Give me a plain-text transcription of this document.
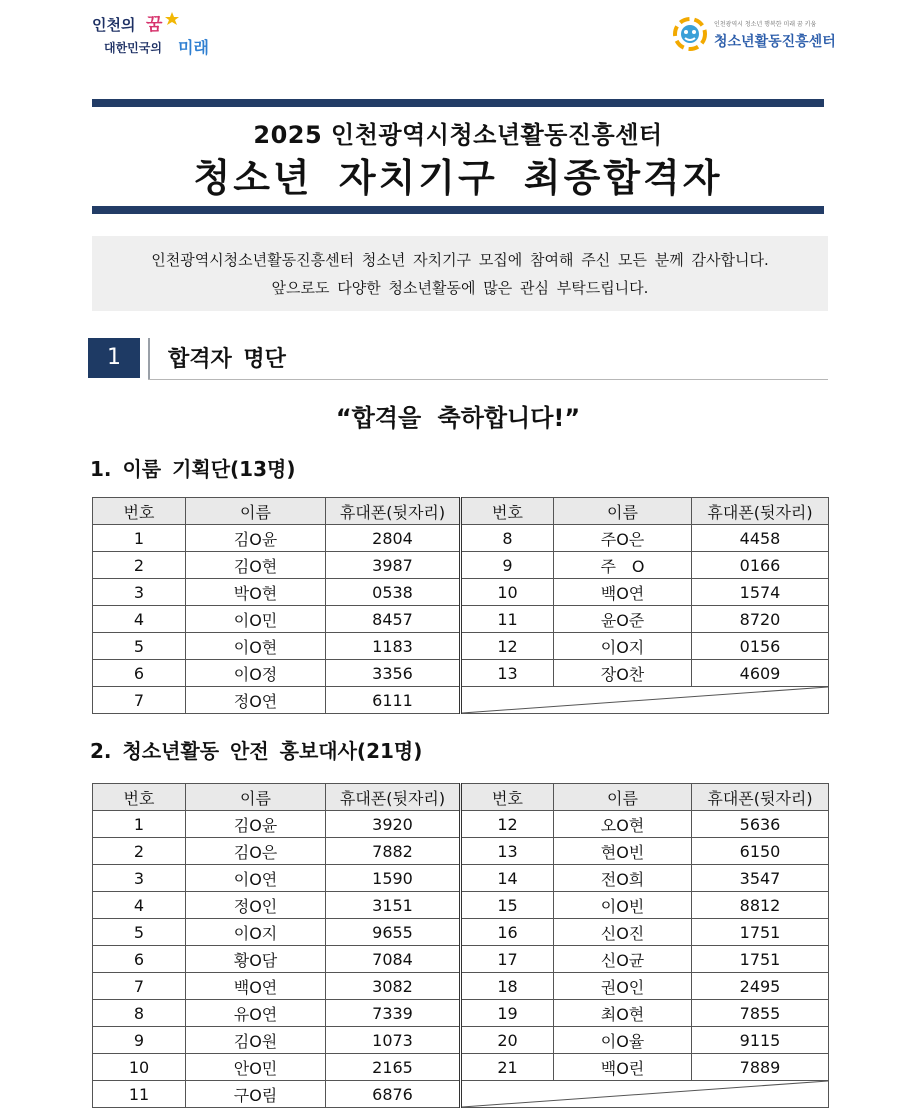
인천의 꿈
대한민국의 미래
인천광역시 청소년 행복한 미래 꿈 키움
청소년활동진흥센터
2025 인천광역시청소년활동진흥센터
청소년 자치기구 최종합격자
인천광역시청소년활동진흥센터 청소년 자치기구 모집에 참여해 주신 모든 분께 감사합니다.
앞으로도 다양한 청소년활동에 많은 관심 부탁드립니다.
1	합격자 명단
“합격을 축하합니다!”
1. 이룸 기획단(13명)
번호	이름	휴대폰(뒷자리)	번호	이름	휴대폰(뒷자리)
1	김O윤	2804	8	주O은	4458
2	김O현	3987	9	주　O	0166
3	박O현	0538	10	백O연	1574
4	이O민	8457	11	윤O준	8720
5	이O현	1183	12	이O지	0156
6	이O정	3356	13	장O찬	4609
7	정O연	6111	
2. 청소년활동 안전 홍보대사(21명)
번호	이름	휴대폰(뒷자리)	번호	이름	휴대폰(뒷자리)
1	김O윤	3920	12	오O현	5636
2	김O은	7882	13	현O빈	6150
3	이O연	1590	14	전O희	3547
4	정O인	3151	15	이O빈	8812
5	이O지	9655	16	신O진	1751
6	황O담	7084	17	신O균	1751
7	백O연	3082	18	권O인	2495
8	유O연	7339	19	최O현	7855
9	김O원	1073	20	이O율	9115
10	안O민	2165	21	백O린	7889
11	구O림	6876	
